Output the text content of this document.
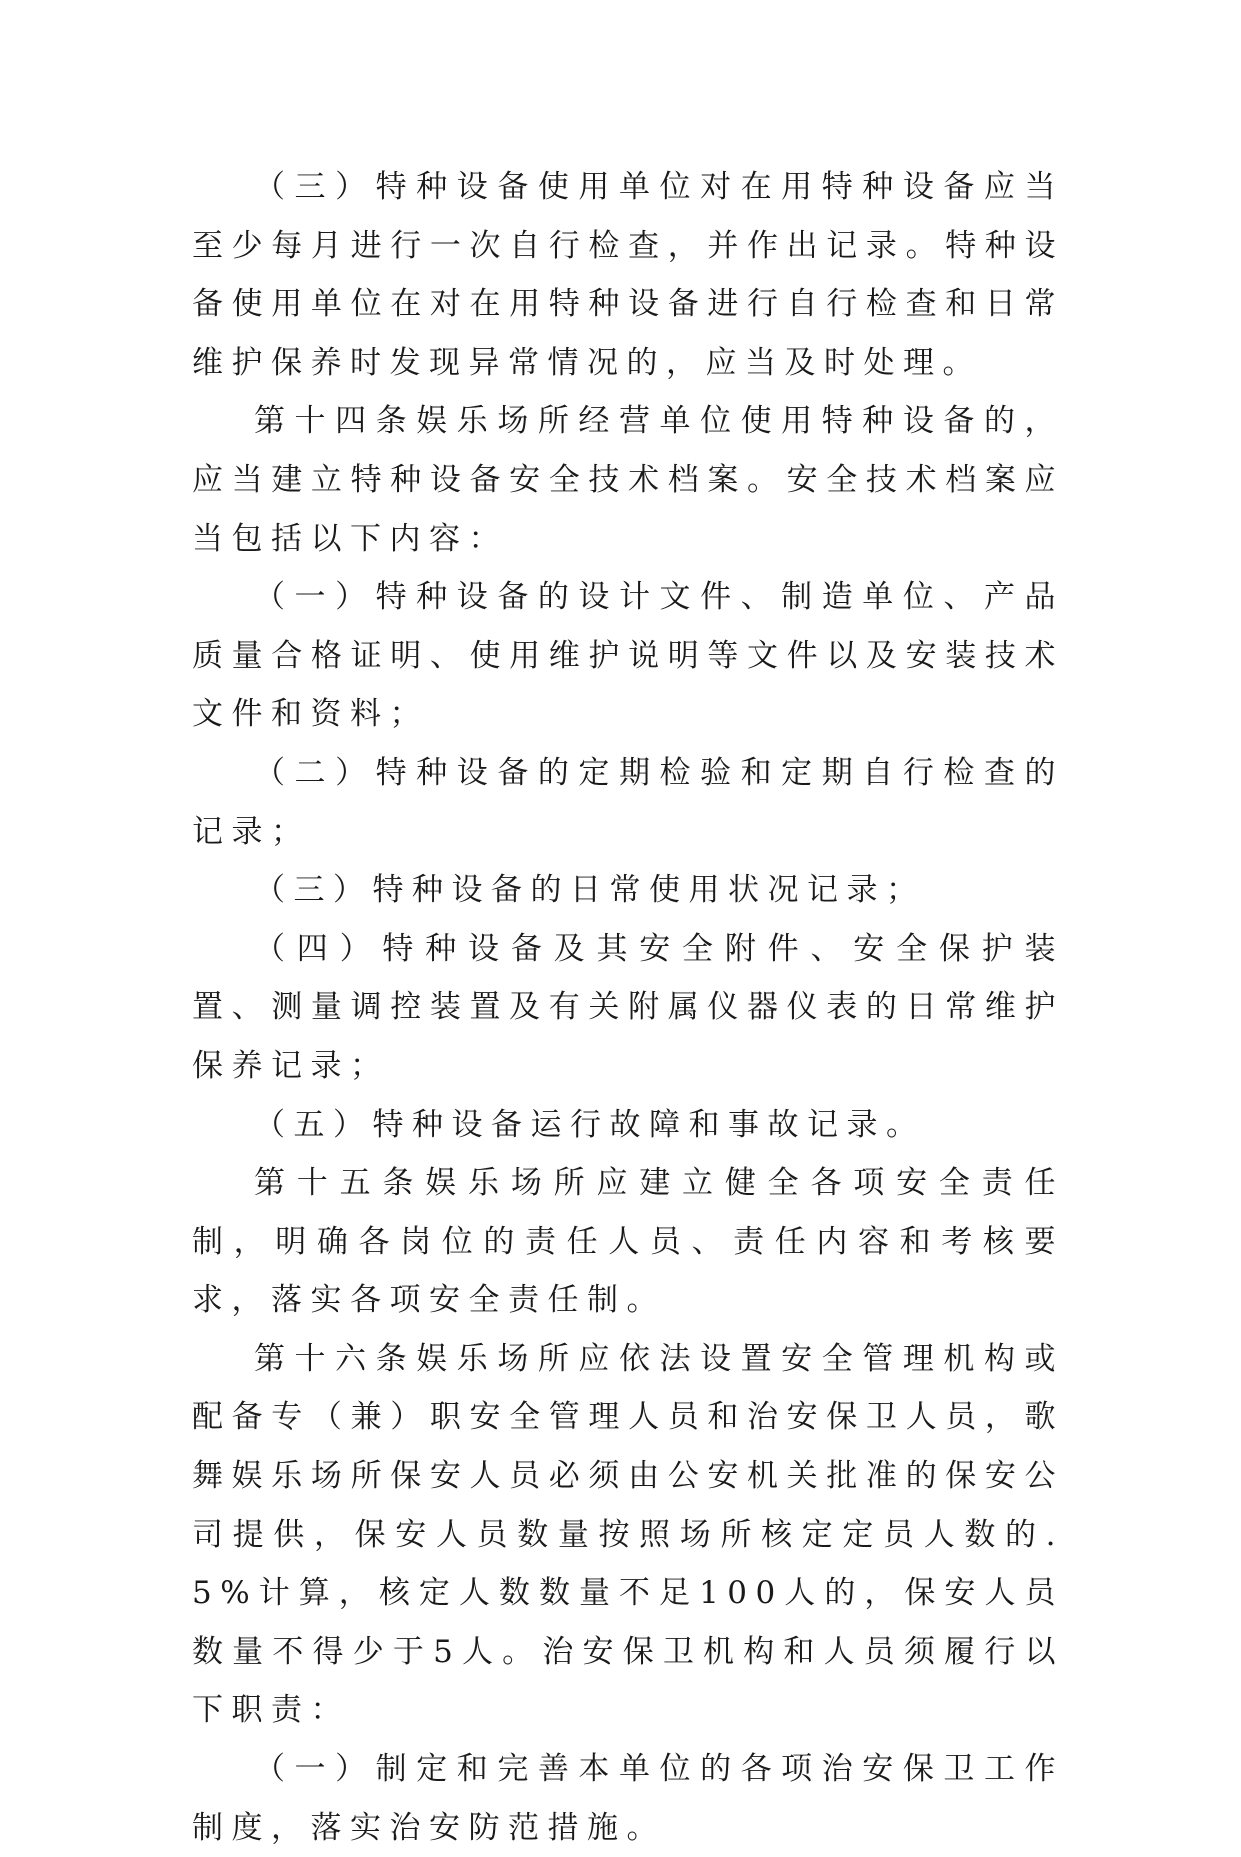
（三）特种设备使用单位对在用特种设备应当至少每月进行一次自行检查，并作出记录。特种设备使用单位在对在用特种设备进行自行检查和日常维护保养时发现异常情况的，应当及时处理。

第十四条娱乐场所经营单位使用特种设备的，应当建立特种设备安全技术档案。安全技术档案应当包括以下内容：

（一）特种设备的设计文件、制造单位、产品质量合格证明、使用维护说明等文件以及安装技术文件和资料；

（二）特种设备的定期检验和定期自行检查的记录；

（三）特种设备的日常使用状况记录；

（四）特种设备及其安全附件、安全保护装置、测量调控装置及有关附属仪器仪表的日常维护保养记录；

（五）特种设备运行故障和事故记录。

第十五条娱乐场所应建立健全各项安全责任制，明确各岗位的责任人员、责任内容和考核要求，落实各项安全责任制。

第十六条娱乐场所应依法设置安全管理机构或配备专（兼）职安全管理人员和治安保卫人员，歌舞娱乐场所保安人员必须由公安机关批准的保安公司提供，保安人员数量按照场所核定定员人数的.5%计算，核定人数数量不足100人的，保安人员数量不得少于5人。治安保卫机构和人员须履行以下职责：

（一）制定和完善本单位的各项治安保卫工作制度，落实治安防范措施。
